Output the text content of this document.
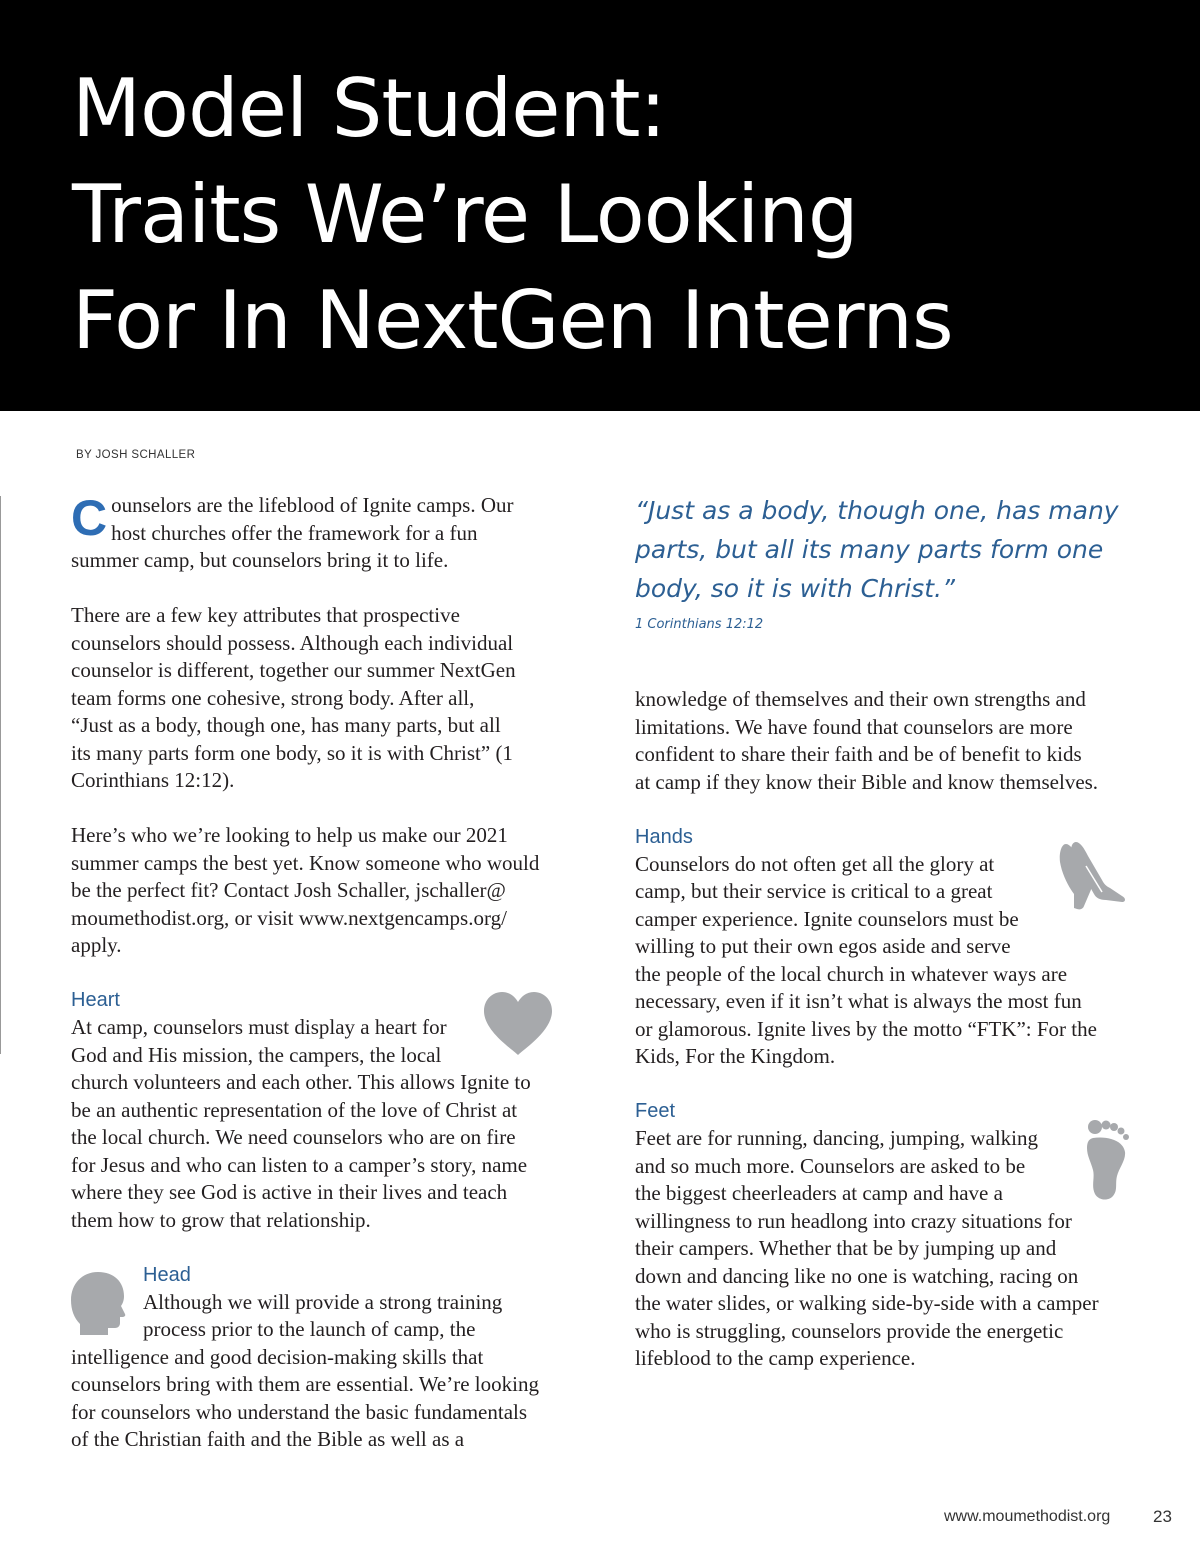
Model Student:
Traits We’re Looking
For In NextGen Interns
BY JOSH SCHALLER
C ounselors are the lifeblood of Ignite camps. Our
host churches offer the framework for a fun
summer camp, but counselors bring it to life.
There are a few key attributes that prospective
counselors should possess. Although each individual
counselor is different, together our summer NextGen
team forms one cohesive, strong body. After all,
“Just as a body, though one, has many parts, but all
its many parts form one body, so it is with Christ” (1
Corinthians 12:12).
Here’s who we’re looking to help us make our 2021
summer camps the best yet. Know someone who would
be the perfect fit? Contact Josh Schaller, jschaller@
moumethodist.org, or visit www.nextgencamps.org/
apply.
Heart
At camp, counselors must display a heart for
God and His mission, the campers, the local
church volunteers and each other. This allows Ignite to
be an authentic representation of the love of Christ at
the local church. We need counselors who are on fire
for Jesus and who can listen to a camper’s story, name
where they see God is active in their lives and teach
them how to grow that relationship.
Head
Although we will provide a strong training
process prior to the launch of camp, the
intelligence and good decision-making skills that
counselors bring with them are essential. We’re looking
for counselors who understand the basic fundamentals
of the Christian faith and the Bible as well as a
“Just as a body, though one, has many
parts, but all its many parts form one
body, so it is with Christ.”
1 Corinthians 12:12
knowledge of themselves and their own strengths and
limitations. We have found that counselors are more
confident to share their faith and be of benefit to kids
at camp if they know their Bible and know themselves.
Hands
Counselors do not often get all the glory at
camp, but their service is critical to a great
camper experience. Ignite counselors must be
willing to put their own egos aside and serve
the people of the local church in whatever ways are
necessary, even if it isn’t what is always the most fun
or glamorous. Ignite lives by the motto “FTK”: For the
Kids, For the Kingdom.
Feet
Feet are for running, dancing, jumping, walking
and so much more. Counselors are asked to be
the biggest cheerleaders at camp and have a
willingness to run headlong into crazy situations for
their campers. Whether that be by jumping up and
down and dancing like no one is watching, racing on
the water slides, or walking side-by-side with a camper
who is struggling, counselors provide the energetic
lifeblood to the camp experience.
www.moumethodist.org	23
